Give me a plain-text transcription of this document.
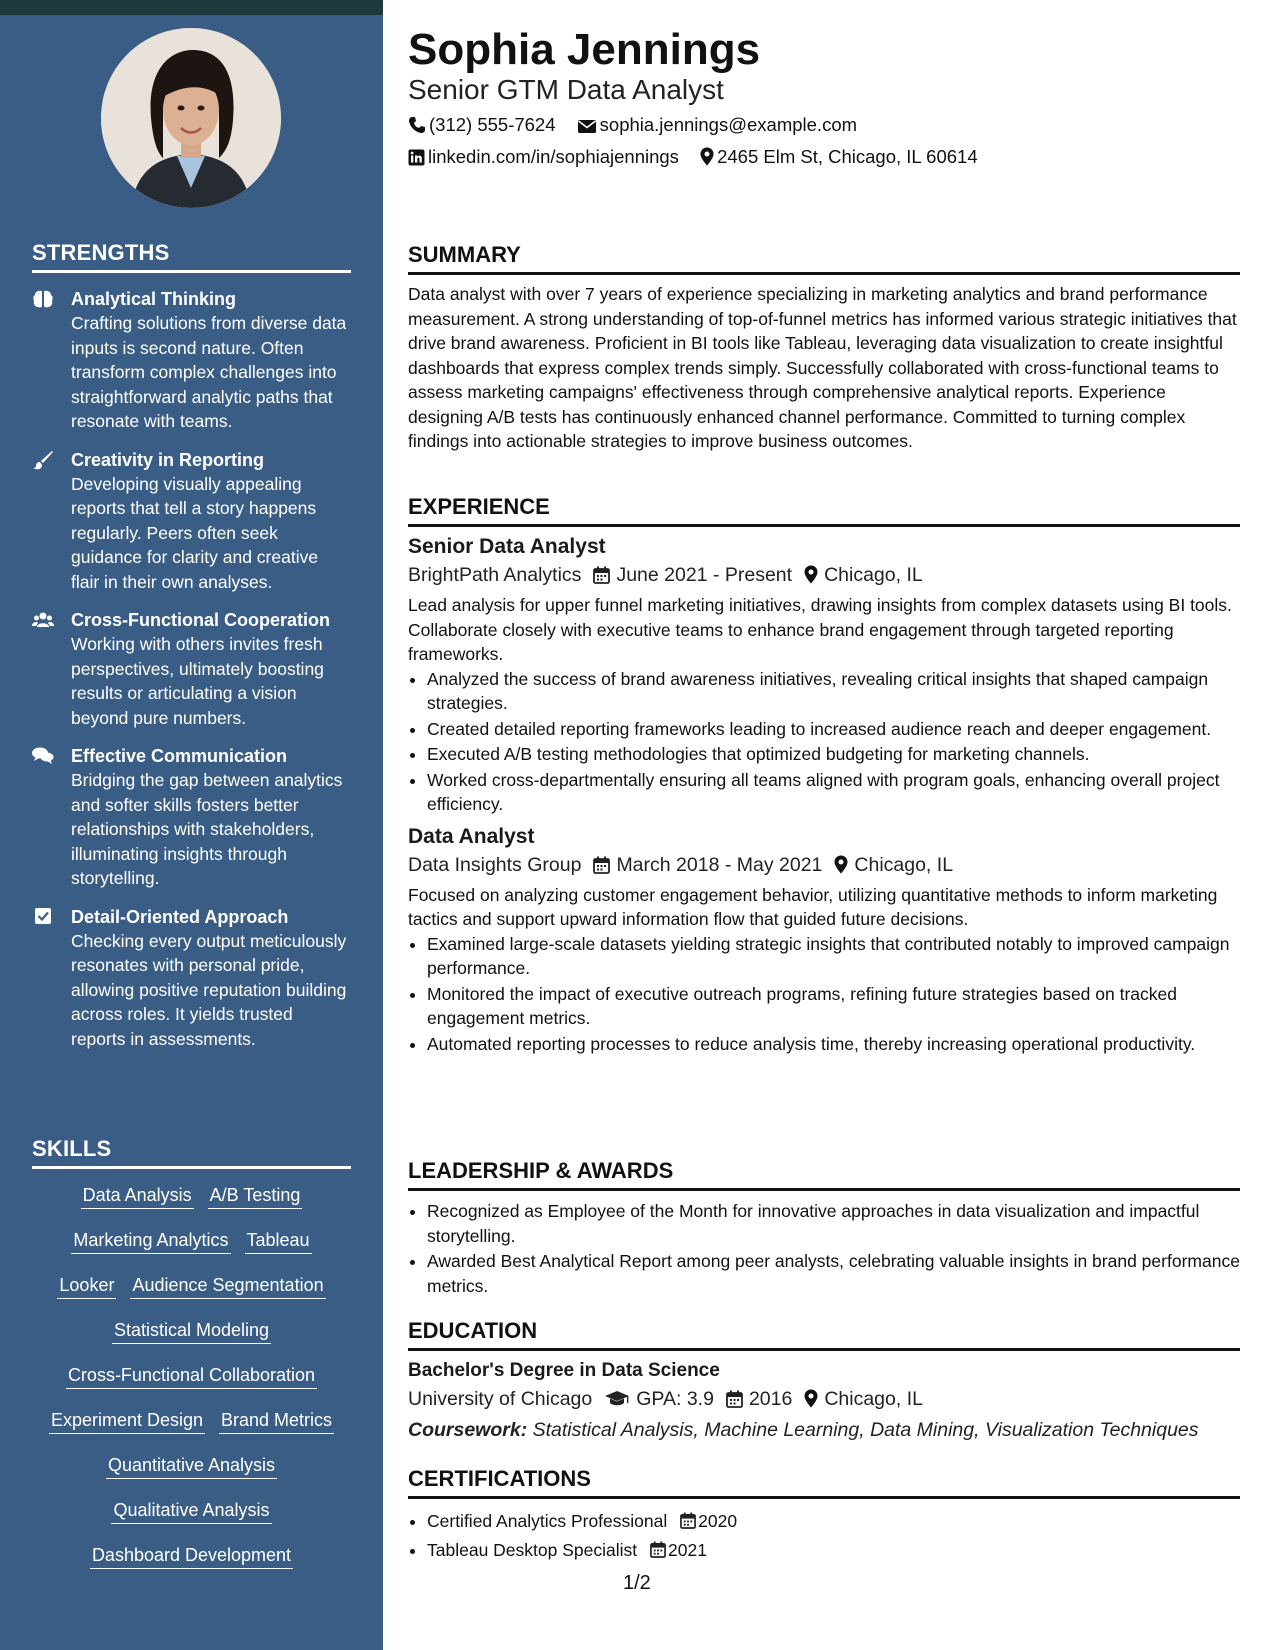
STRENGTHS
Analytical Thinking
Crafting solutions from diverse data inputs is second nature. Often transform complex challenges into straightforward analytic paths that resonate with teams.
Creativity in Reporting
Developing visually appealing reports that tell a story happens regularly. Peers often seek guidance for clarity and creative flair in their own analyses.
Cross-Functional Cooperation
Working with others invites fresh perspectives, ultimately boosting results or articulating a vision beyond pure numbers.
Effective Communication
Bridging the gap between analytics and softer skills fosters better relationships with stakeholders, illuminating insights through storytelling.
Detail-Oriented Approach
Checking every output meticulously resonates with personal pride, allowing positive reputation building across roles. It yields trusted reports in assessments.
SKILLS
Data Analysis A/B Testing
Marketing Analytics Tableau
Looker Audience Segmentation
Statistical Modeling
Cross-Functional Collaboration
Experiment Design Brand Metrics
Quantitative Analysis
Qualitative Analysis
Dashboard Development
Sophia Jennings
Senior GTM Data Analyst
(312) 555-7624 sophia.jennings@example.com
linkedin.com/in/sophiajennings 2465 Elm St, Chicago, IL 60614
SUMMARY
Data analyst with over 7 years of experience specializing in marketing analytics and brand performance measurement. A strong understanding of top-of-funnel metrics has informed various strategic initiatives that drive brand awareness. Proficient in BI tools like Tableau, leveraging data visualization to create insightful dashboards that express complex trends simply. Successfully collaborated with cross-functional teams to assess marketing campaigns' effectiveness through comprehensive analytical reports. Experience designing A/B tests has continuously enhanced channel performance. Committed to turning complex findings into actionable strategies to improve business outcomes.
EXPERIENCE
Senior Data Analyst
BrightPath Analytics June 2021 - Present Chicago, IL
Lead analysis for upper funnel marketing initiatives, drawing insights from complex datasets using BI tools. Collaborate closely with executive teams to enhance brand engagement through targeted reporting frameworks.
• Analyzed the success of brand awareness initiatives, revealing critical insights that shaped campaign strategies.
• Created detailed reporting frameworks leading to increased audience reach and deeper engagement.
• Executed A/B testing methodologies that optimized budgeting for marketing channels.
• Worked cross-departmentally ensuring all teams aligned with program goals, enhancing overall project efficiency.
Data Analyst
Data Insights Group March 2018 - May 2021 Chicago, IL
Focused on analyzing customer engagement behavior, utilizing quantitative methods to inform marketing tactics and support upward information flow that guided future decisions.
• Examined large-scale datasets yielding strategic insights that contributed notably to improved campaign performance.
• Monitored the impact of executive outreach programs, refining future strategies based on tracked engagement metrics.
• Automated reporting processes to reduce analysis time, thereby increasing operational productivity.
LEADERSHIP & AWARDS
• Recognized as Employee of the Month for innovative approaches in data visualization and impactful storytelling.
• Awarded Best Analytical Report among peer analysts, celebrating valuable insights in brand performance metrics.
EDUCATION
Bachelor's Degree in Data Science
University of Chicago GPA: 3.9 2016 Chicago, IL
Coursework: Statistical Analysis, Machine Learning, Data Mining, Visualization Techniques
CERTIFICATIONS
• Certified Analytics Professional 2020
• Tableau Desktop Specialist 2021
1/2
